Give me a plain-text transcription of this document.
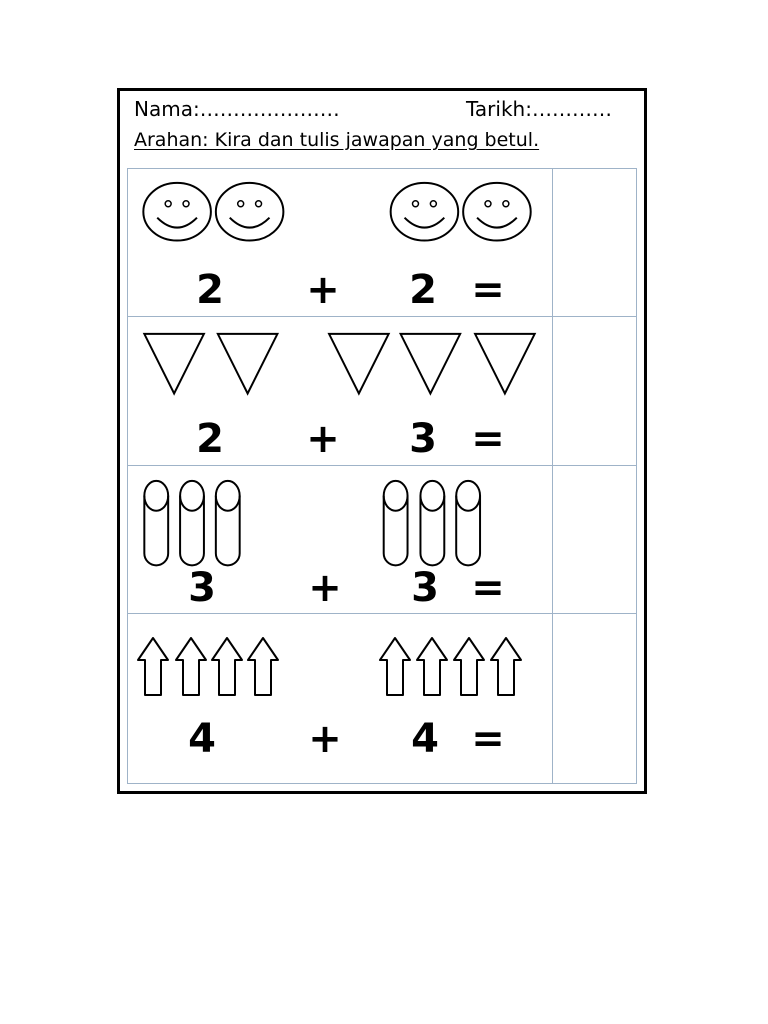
Nama:…………………	Tarikh:…………
Arahan: Kira dan tulis jawapan yang betul.
2 + 2 =
2 + 3 =
3 + 3 =
4 + 4 =
